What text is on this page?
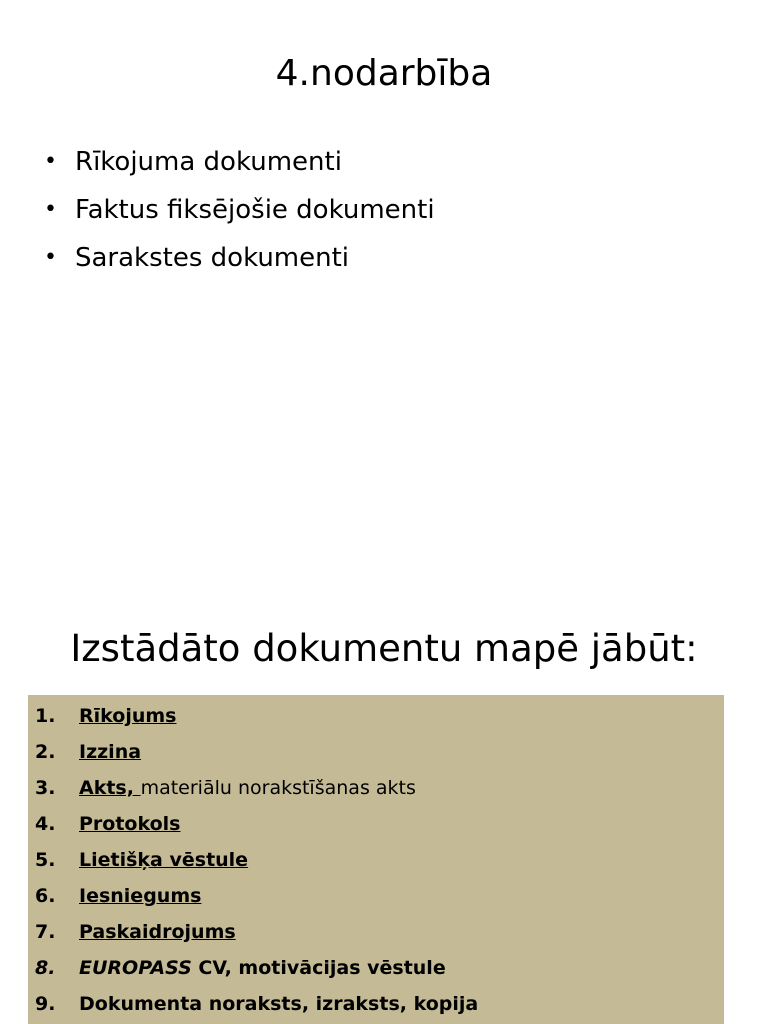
4.nodarbība
• Rīkojuma dokumenti
• Faktus fiksējošie dokumenti
• Sarakstes dokumenti
Izstādāto dokumentu mapē jābūt:
1. Rīkojums
2. Izzina
3. Akts, materiālu norakstīšanas akts
4. Protokols
5. Lietišķa vēstule
6. Iesniegums
7. Paskaidrojums
8. EUROPASS CV, motivācijas vēstule
9. Dokumenta noraksts, izraksts, kopija
